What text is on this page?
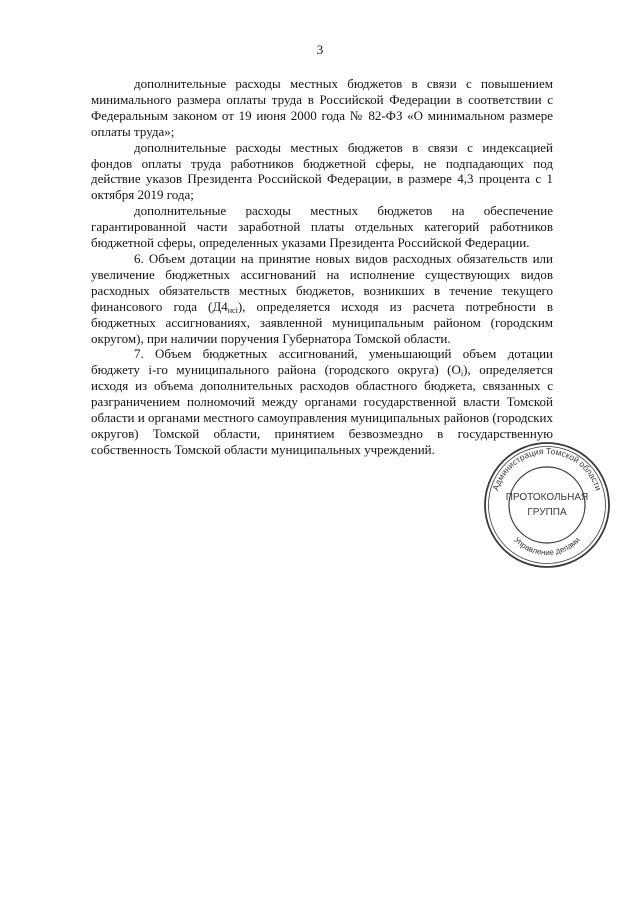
3

дополнительные расходы местных бюджетов в связи с повышением минимального размера оплаты труда в Российской Федерации в соответствии с Федеральным законом от 19 июня 2000 года № 82-ФЗ «О минимальном размере оплаты труда»;

дополнительные расходы местных бюджетов в связи с индексацией фондов оплаты труда работников бюджетной сферы, не подпадающих под действие указов Президента Российской Федерации, в размере 4,3 процента с 1 октября 2019 года;

дополнительные расходы местных бюджетов на обеспечение гарантированной части заработной платы отдельных категорий работников бюджетной сферы, определенных указами Президента Российской Федерации.

6. Объем дотации на принятие новых видов расходных обязательств или увеличение бюджетных ассигнований на исполнение существующих видов расходных обязательств местных бюджетов, возникших в течение текущего финансового года $(Д4_{нсi})$, определяется исходя из расчета потребности в бюджетных ассигнованиях, заявленной муниципальным районом (городским округом), при наличии поручения Губернатора Томской области.

7. Объем бюджетных ассигнований, уменьшающий объем дотации бюджету i-го муниципального района (городского округа) $(O_i)$, определяется исходя из объема дополнительных расходов областного бюджета, связанных с разграничением полномочий между органами государственной власти Томской области и органами местного самоуправления муниципальных районов (городских округов) Томской области, принятием безвозмездно в государственную собственность Томской области муниципальных учреждений.

Администрация Томской области
Управление делами
ПРОТОКОЛЬНАЯ
ГРУППА
